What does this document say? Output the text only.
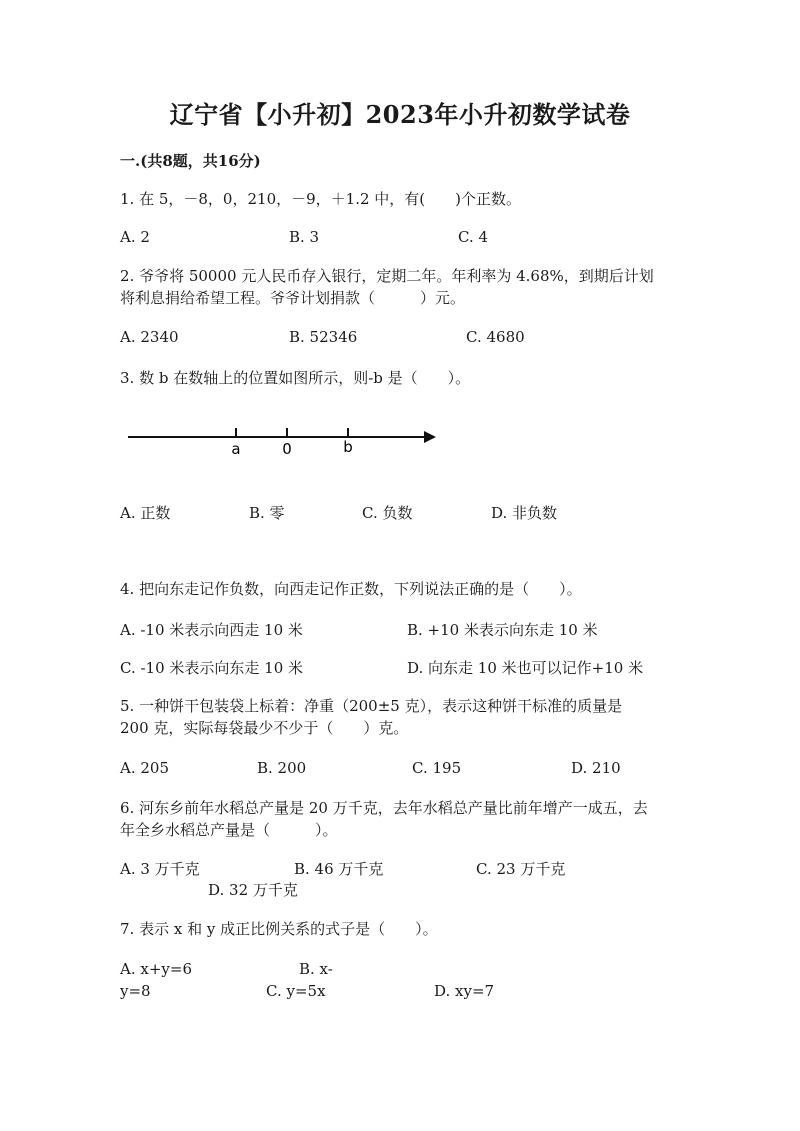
辽宁省【小升初】2023年小升初数学试卷
一.(共8题，共16分)
1. 在 5，－8，0，210，－9，＋1.2 中，有(　　)个正数。
A. 2	B. 3	C. 4
2. 爷爷将 50000 元人民币存入银行，定期二年。年利率为 4.68%，到期后计划
将利息捐给希望工程。爷爷计划捐款（　　　）元。
A. 2340	B. 52346	C. 4680
3. 数 b 在数轴上的位置如图所示，则-b 是（　　）。
a	0	b
A. 正数	B. 零	C. 负数	D. 非负数
4. 把向东走记作负数，向西走记作正数，下列说法正确的是（　　）。
A. -10 米表示向西走 10 米	B. +10 米表示向东走 10 米
C. -10 米表示向东走 10 米	D. 向东走 10 米也可以记作+10 米
5. 一种饼干包装袋上标着：净重（200±5 克），表示这种饼干标准的质量是
200 克，实际每袋最少不少于（　　）克。
A. 205	B. 200	C. 195	D. 210
6. 河东乡前年水稻总产量是 20 万千克，去年水稻总产量比前年增产一成五，去
年全乡水稻总产量是（　　　）。
A. 3 万千克	B. 46 万千克	C. 23 万千克
D. 32 万千克
7. 表示 x 和 y 成正比例关系的式子是（　　）。
A. x+y=6	B. x-
y=8	C. y=5x	D. xy=7
